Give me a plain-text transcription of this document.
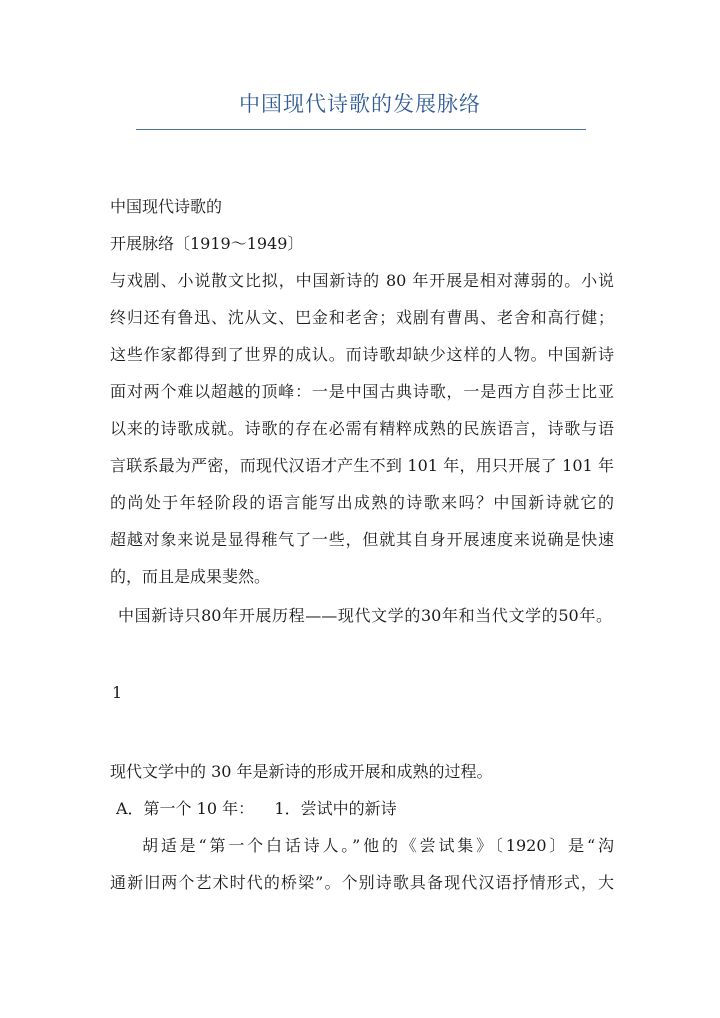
中国现代诗歌的发展脉络
中国现代诗歌的
开展脉络〔1919～1949〕
与戏剧、小说散文比拟，中国新诗的 80 年开展是相对薄弱的。小说
终归还有鲁迅、沈从文、巴金和老舍；戏剧有曹禺、老舍和高行健；
这些作家都得到了世界的成认。而诗歌却缺少这样的人物。中国新诗
面对两个难以超越的顶峰：一是中国古典诗歌，一是西方自莎士比亚
以来的诗歌成就。诗歌的存在必需有精粹成熟的民族语言，诗歌与语
言联系最为严密，而现代汉语才产生不到 101 年，用只开展了 101 年
的尚处于年轻阶段的语言能写出成熟的诗歌来吗？中国新诗就它的
超越对象来说是显得稚气了一些，但就其自身开展速度来说确是快速
的，而且是成果斐然。
中国新诗只80年开展历程——现代文学的30年和当代文学的50年。
1
现代文学中的 30 年是新诗的形成开展和成熟的过程。
A．第一个 10 年：    1．尝试中的新诗
胡适是“第一个白话诗人。”他的《尝试集》〔1920〕是“沟
通新旧两个艺术时代的桥梁”。个别诗歌具备现代汉语抒情形式，大
